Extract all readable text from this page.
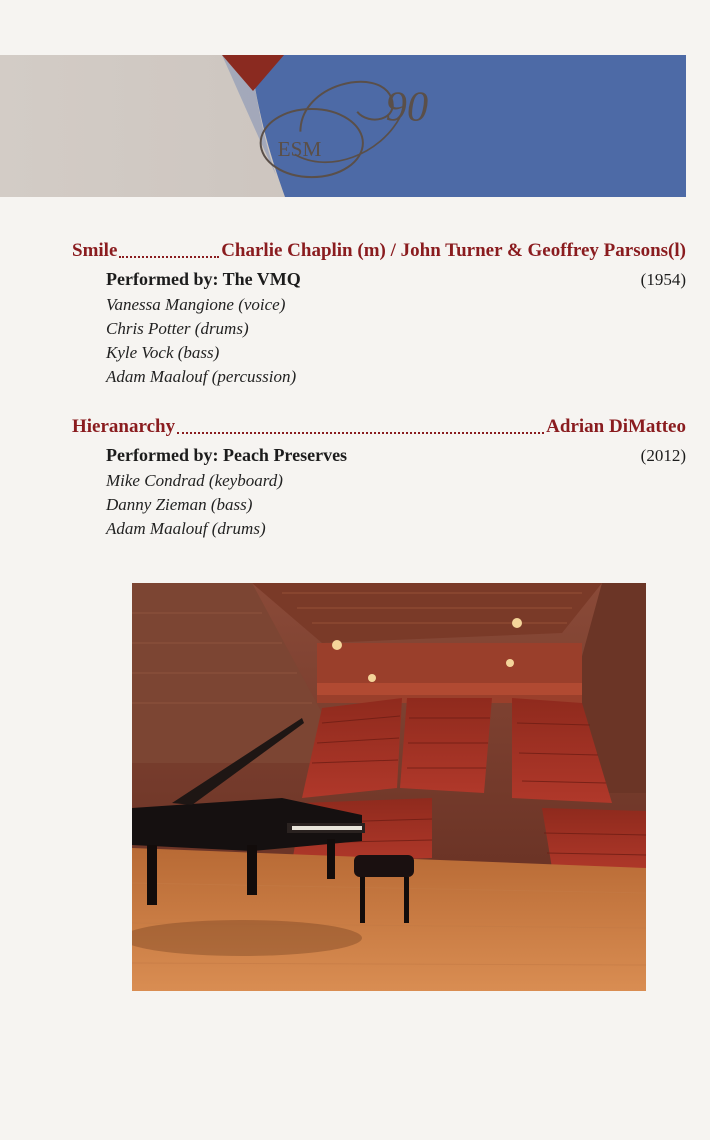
ESM
90
Smile	Charlie Chaplin (m) / John Turner & Geoffrey Parsons(l)
Performed by: The VMQ	(1954)
Vanessa Mangione (voice)
Chris Potter (drums)
Kyle Vock (bass)
Adam Maalouf (percussion)
Hieranarchy	Adrian DiMatteo
Performed by: Peach Preserves	(2012)
Mike Condrad (keyboard)
Danny Zieman (bass)
Adam Maalouf (drums)
